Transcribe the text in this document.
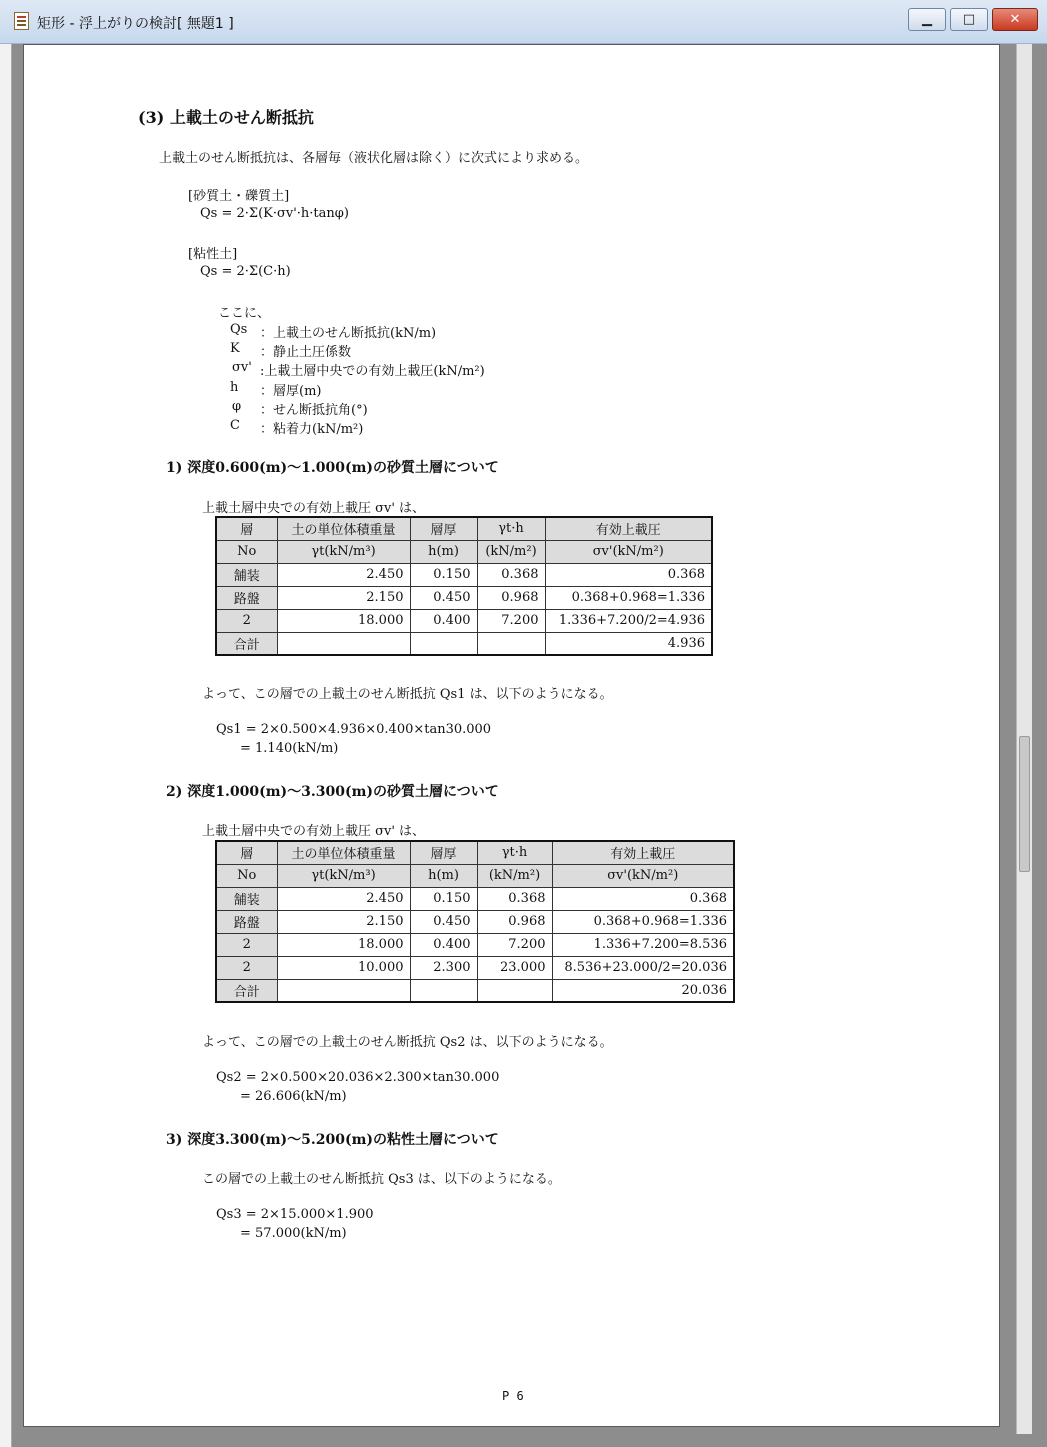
矩形 - 浮上がりの検討[ 無題1 ]	▁	□	✕
(3) 上載土のせん断抵抗
上載土のせん断抵抗は、各層毎（液状化層は除く）に次式により求める。
[砂質土・礫質土]
Qs = 2·Σ(K·σv'·h·tanφ)
[粘性土]
Qs = 2·Σ(C·h)
ここに、
Qs ：上載土のせん断抵抗(kN/m)
K ：静止土圧係数
σv' :上載土層中央での有効上載圧(kN/m²)
h ：層厚(m)
φ ：せん断抵抗角(°)
C ：粘着力(kN/m²)
1) 深度0.600(m)～1.000(m)の砂質土層について
上載土層中央での有効上載圧 σv' は、
層	土の単位体積重量	層厚	γt·h	有効上載圧
No	γt(kN/m³)	h(m)	(kN/m²)	σv'(kN/m²)
舗装	2.450	0.150	0.368	0.368
路盤	2.150	0.450	0.968	0.368+0.968=1.336
2	18.000	0.400	7.200	1.336+7.200/2=4.936
合計				4.936
よって、この層での上載土のせん断抵抗 Qs1 は、以下のようになる。
Qs1 = 2×0.500×4.936×0.400×tan30.000
= 1.140(kN/m)
2) 深度1.000(m)～3.300(m)の砂質土層について
上載土層中央での有効上載圧 σv' は、
層	土の単位体積重量	層厚	γt·h	有効上載圧
No	γt(kN/m³)	h(m)	(kN/m²)	σv'(kN/m²)
舗装	2.450	0.150	0.368	0.368
路盤	2.150	0.450	0.968	0.368+0.968=1.336
2	18.000	0.400	7.200	1.336+7.200=8.536
2	10.000	2.300	23.000	8.536+23.000/2=20.036
合計				20.036
よって、この層での上載土のせん断抵抗 Qs2 は、以下のようになる。
Qs2 = 2×0.500×20.036×2.300×tan30.000
= 26.606(kN/m)
3) 深度3.300(m)～5.200(m)の粘性土層について
この層での上載土のせん断抵抗 Qs3 は、以下のようになる。
Qs3 = 2×15.000×1.900
= 57.000(kN/m)
P 6
